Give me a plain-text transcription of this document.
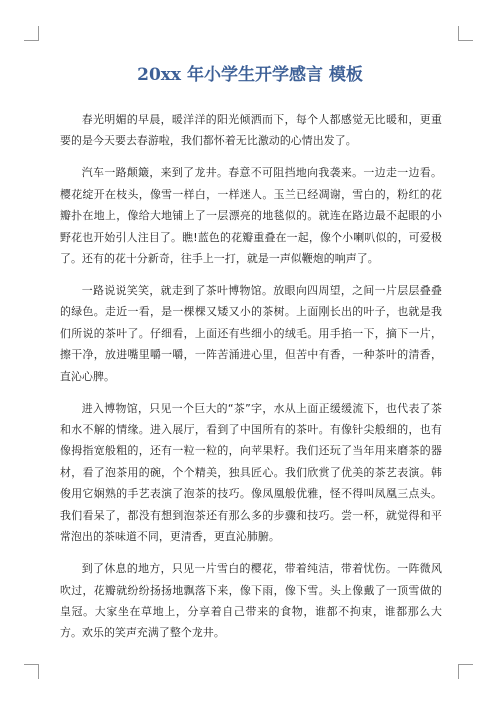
20xx 年小学生开学感言 模板

春光明媚的早晨，暖洋洋的阳光倾洒而下，每个人都感觉无比暖和，更重要的是今天要去春游啦，我们都怀着无比激动的心情出发了。

汽车一路颠簸，来到了龙井。春意不可阻挡地向我袭来。一边走一边看。樱花绽开在枝头，像雪一样白，一样迷人。玉兰已经凋谢，雪白的，粉红的花瓣扑在地上，像给大地铺上了一层漂亮的地毯似的。就连在路边最不起眼的小野花也开始引人注目了。瞧!蓝色的花瓣重叠在一起，像个小喇叭似的，可爱极了。还有的花十分新奇，往手上一打，就是一声似鞭炮的响声了。

一路说说笑笑，就走到了茶叶博物馆。放眼向四周望，之间一片层层叠叠的绿色。走近一看，是一棵棵又矮又小的茶树。上面刚长出的叶子，也就是我们所说的茶叶了。仔细看，上面还有些细小的绒毛。用手掐一下，摘下一片，擦干净，放进嘴里嚼一嚼，一阵苦涌进心里，但苦中有香，一种茶叶的清香，直沁心脾。

进入博物馆，只见一个巨大的“茶”字，水从上面正缓缓流下，也代表了茶和水不解的情缘。进入展厅，看到了中国所有的茶叶。有像针尖般细的，也有像拇指宽般粗的，还有一粒一粒的，向苹果籽。我们还玩了当年用来磨茶的器材，看了泡茶用的碗，个个精美，独具匠心。我们欣赏了优美的茶艺表演。韩俊用它娴熟的手艺表演了泡茶的技巧。像凤凰般优雅，怪不得叫凤凰三点头。我们看呆了，都没有想到泡茶还有那么多的步骤和技巧。尝一杯，就觉得和平常泡出的茶味道不同，更清香，更直沁肺腑。

到了休息的地方，只见一片雪白的樱花，带着纯洁，带着忧伤。一阵微风吹过，花瓣就纷纷扬扬地飘落下来，像下雨，像下雪。头上像戴了一顶雪做的皇冠。大家坐在草地上，分享着自己带来的食物，谁都不拘束，谁都那么大方。欢乐的笑声充满了整个龙井。
